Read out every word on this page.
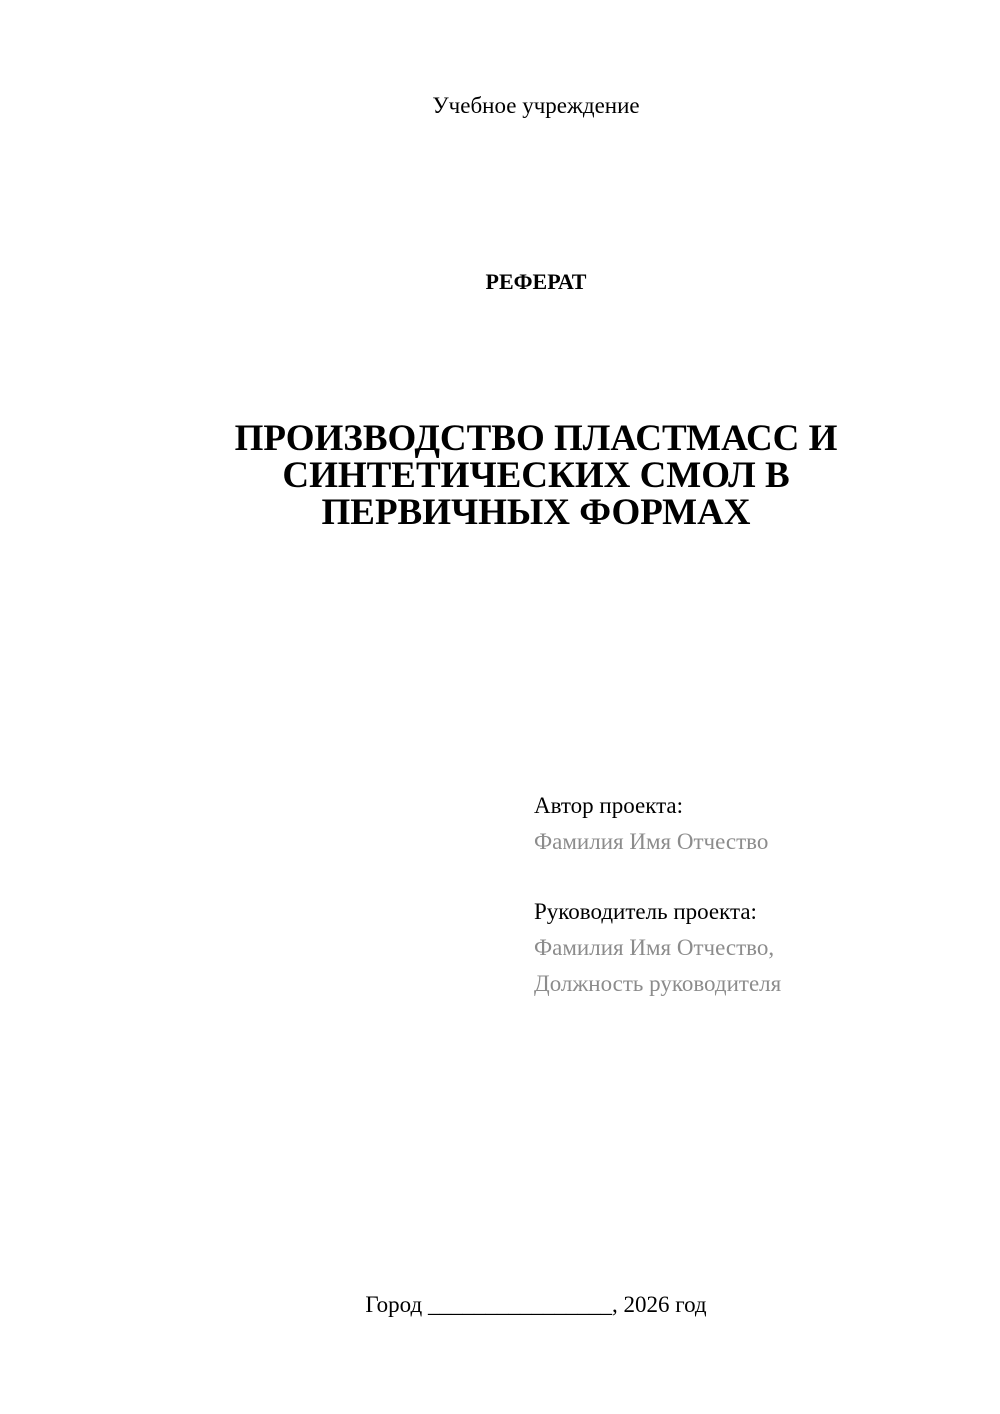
Учебное учреждение
РЕФЕРАТ
ПРОИЗВОДСТВО ПЛАСТМАСС И
СИНТЕТИЧЕСКИХ СМОЛ В
ПЕРВИЧНЫХ ФОРМАХ
Автор проекта:
Фамилия Имя Отчество
Руководитель проекта:
Фамилия Имя Отчество,
Должность руководителя
Город ________________, 2026 год
